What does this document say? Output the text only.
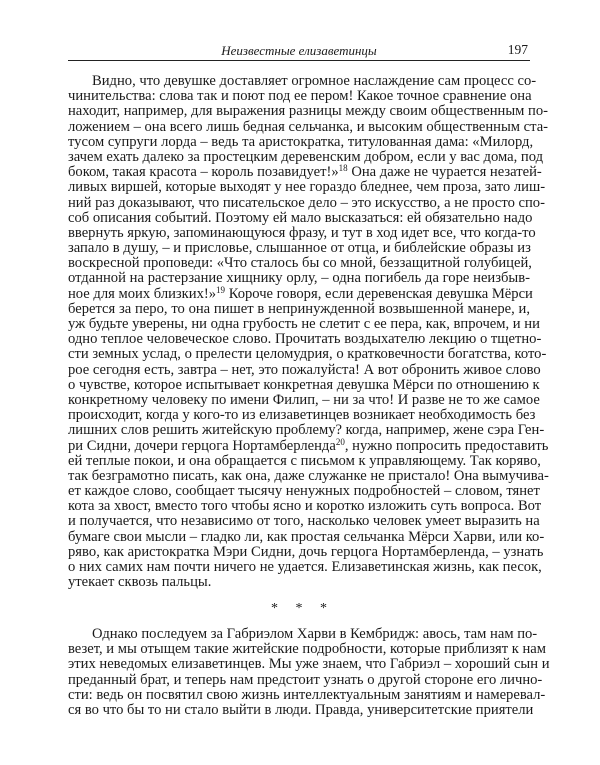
Неизвестные елизаветинцы	197
Видно, что девушке доставляет огромное наслаждение сам процесс со-
чинительства: слова так и поют под ее пером! Какое точное сравнение она
находит, например, для выражения разницы между своим общественным по-
ложением – она всего лишь бедная сельчанка, и высоким общественным ста-
тусом супруги лорда – ведь та аристократка, титулованная дама: «Милорд,
зачем ехать далеко за простецким деревенским добром, если у вас дома, под
боком, такая красота – король позавидует!»$^{18}$ Она даже не чурается незатей-
ливых виршей, которые выходят у нее гораздо бледнее, чем проза, зато лиш-
ний раз доказывают, что писательское дело – это искусство, а не просто спо-
соб описания событий. Поэтому ей мало высказаться: ей обязательно надо
ввернуть яркую, запоминающуюся фразу, и тут в ход идет все, что когда-то
запало в душу, – и присловье, слышанное от отца, и библейские образы из
воскресной проповеди: «Что сталось бы со мной, беззащитной голубицей,
отданной на растерзание хищнику орлу, – одна погибель да горе неизбыв-
ное для моих близких!»$^{19}$ Короче говоря, если деревенская девушка Мёрси
берется за перо, то она пишет в непринужденной возвышенной манере, и,
уж будьте уверены, ни одна грубость не слетит с ее пера, как, впрочем, и ни
одно теплое человеческое слово. Прочитать воздыхателю лекцию о тщетно-
сти земных услад, о прелести целомудрия, о кратковечности богатства, кото-
рое сегодня есть, завтра – нет, это пожалуйста! А вот обронить живое слово
о чувстве, которое испытывает конкретная девушка Мёрси по отношению к
конкретному человеку по имени Филип, – ни за что! И разве не то же самое
происходит, когда у кого-то из елизаветинцев возникает необходимость без
лишних слов решить житейскую проблему? когда, например, жене сэра Ген-
ри Сидни, дочери герцога Нортамберленда$^{20}$, нужно попросить предоставить
ей теплые покои, и она обращается с письмом к управляющему. Так коряво,
так безграмотно писать, как она, даже служанке не пристало! Она вымучива-
ет каждое слово, сообщает тысячу ненужных подробностей – словом, тянет
кота за хвост, вместо того чтобы ясно и коротко изложить суть вопроса. Вот
и получается, что независимо от того, насколько человек умеет выразить на
бумаге свои мысли – гладко ли, как простая сельчанка Мёрси Харви, или ко-
рявo, как аристократка Мэри Сидни, дочь герцога Нортамберленда, – узнать
о них самих нам почти ничего не удается. Елизаветинская жизнь, как песок,
утекает сквозь пальцы.
* * *
Однако последуем за Габриэлом Харви в Кембридж: авось, там нам по-
везет, и мы отыщем такие житейские подробности, которые приблизят к нам
этих неведомых елизаветинцев. Мы уже знаем, что Габриэл – хороший сын и
преданный брат, и теперь нам предстоит узнать о другой стороне его лично-
сти: ведь он посвятил свою жизнь интеллектуальным занятиям и намеревал-
ся во что бы то ни стало выйти в люди. Правда, университетские приятели
